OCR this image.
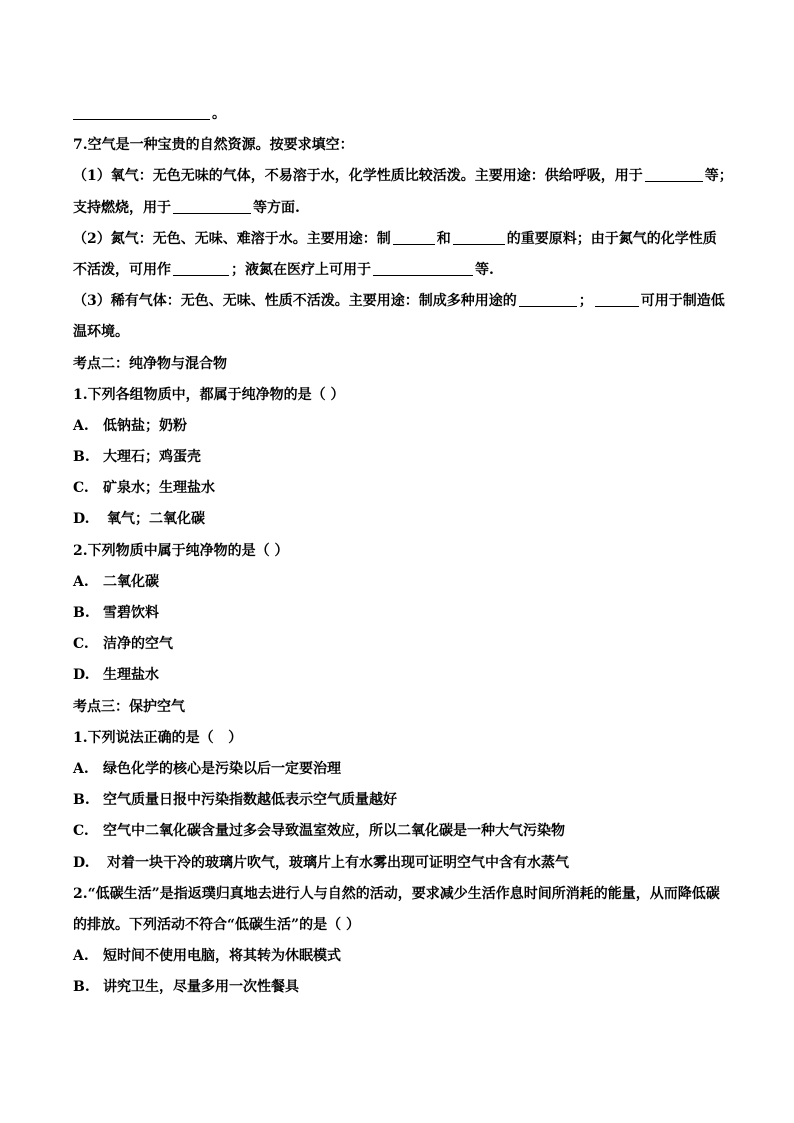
。
7.空气是一种宝贵的自然资源。按要求填空：
（1）氧气：无色无味的气体，不易溶于水，化学性质比较活泼。主要用途：供给呼吸，用于	等；
支持燃烧，用于	等方面.
（2）氮气：无色、无味、难溶于水。主要用途：制	和	的重要原料；由于氮气的化学性质
不活泼，可用作	；液氮在医疗上可用于	等.
（3）稀有气体：无色、无味、性质不活泼。主要用途：制成多种用途的	；	可用于制造低
温环境。
考点二：纯净物与混合物
1.下列各组物质中，都属于纯净物的是（ ）
A.	低钠盐；奶粉
B. 大理石；鸡蛋壳
C.	矿泉水；生理盐水
D.	氧气；二氧化碳
2.下列物质中属于纯净物的是（ ）
A.	二氧化碳
B. 雪碧饮料
C.	洁净的空气
D. 生理盐水
考点三：保护空气
1.下列说法正确的是（   ）
A.	绿色化学的核心是污染以后一定要治理
B. 空气质量日报中污染指数越低表示空气质量越好
C.	空气中二氧化碳含量过多会导致温室效应，所以二氧化碳是一种大气污染物
D.	对着一块干冷的玻璃片吹气，玻璃片上有水雾出现可证明空气中含有水蒸气
2.“低碳生活”是指返璞归真地去进行人与自然的活动，要求减少生活作息时间所消耗的能量，从而降低碳
的排放。下列活动不符合“低碳生活”的是（ ）
A.	短时间不使用电脑，将其转为休眠模式
B. 讲究卫生，尽量多用一次性餐具
